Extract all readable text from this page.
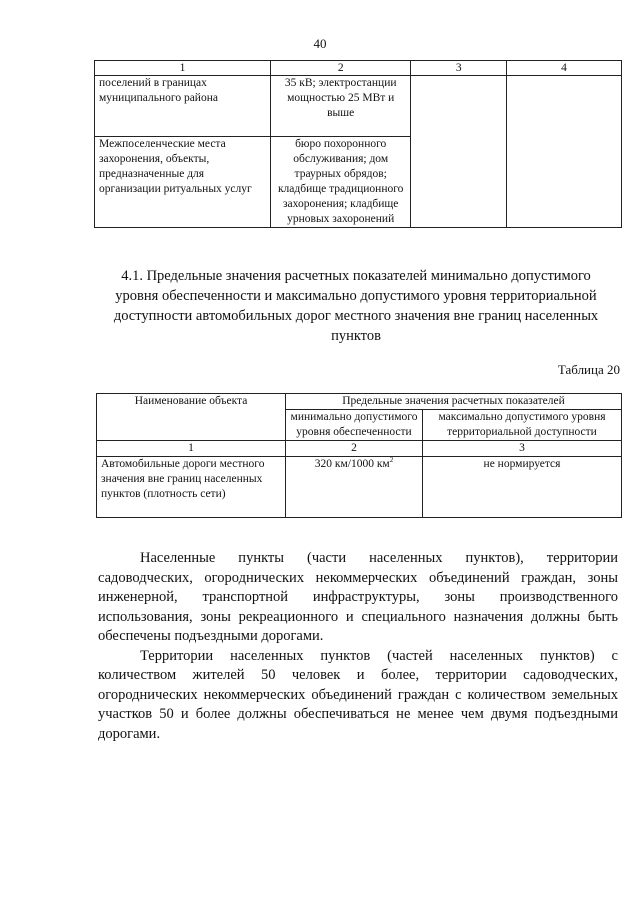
40
1	2	3	4
поселений в границах муниципального района	35 кВ; электростанции мощностью 25 МВт и выше		
Межпоселенческие места захоронения, объекты, предназначенные для организации ритуальных услуг	бюро похоронного обслуживания; дом траурных обрядов; кладбище традиционного захоронения; кладбище урновых захоронений		
4.1. Предельные значения расчетных показателей минимально допустимого уровня обеспеченности и максимально допустимого уровня территориальной доступности автомобильных дорог местного значения вне границ населенных пунктов
Таблица 20
Наименование объекта	Предельные значения расчетных показателей	
	минимально допустимого уровня обеспеченности	максимально допустимого уровня территориальной доступности
1	2	3
Автомобильные дороги местного значения вне границ населенных пунктов (плотность сети)	320 км/1000 $км^2$	не нормируется

Населенные пункты (части населенных пунктов), территории садоводческих, огороднических некоммерческих объединений граждан, зоны инженерной, транспортной инфраструктуры, зоны производственного использования, зоны рекреационного и специального назначения должны быть обеспечены подъездными дорогами.

Территории населенных пунктов (частей населенных пунктов) с количеством жителей 50 человек и более, территории садоводческих, огороднических некоммерческих объединений граждан с количеством земельных участков 50 и более должны обеспечиваться не менее чем двумя подъездными дорогами.
